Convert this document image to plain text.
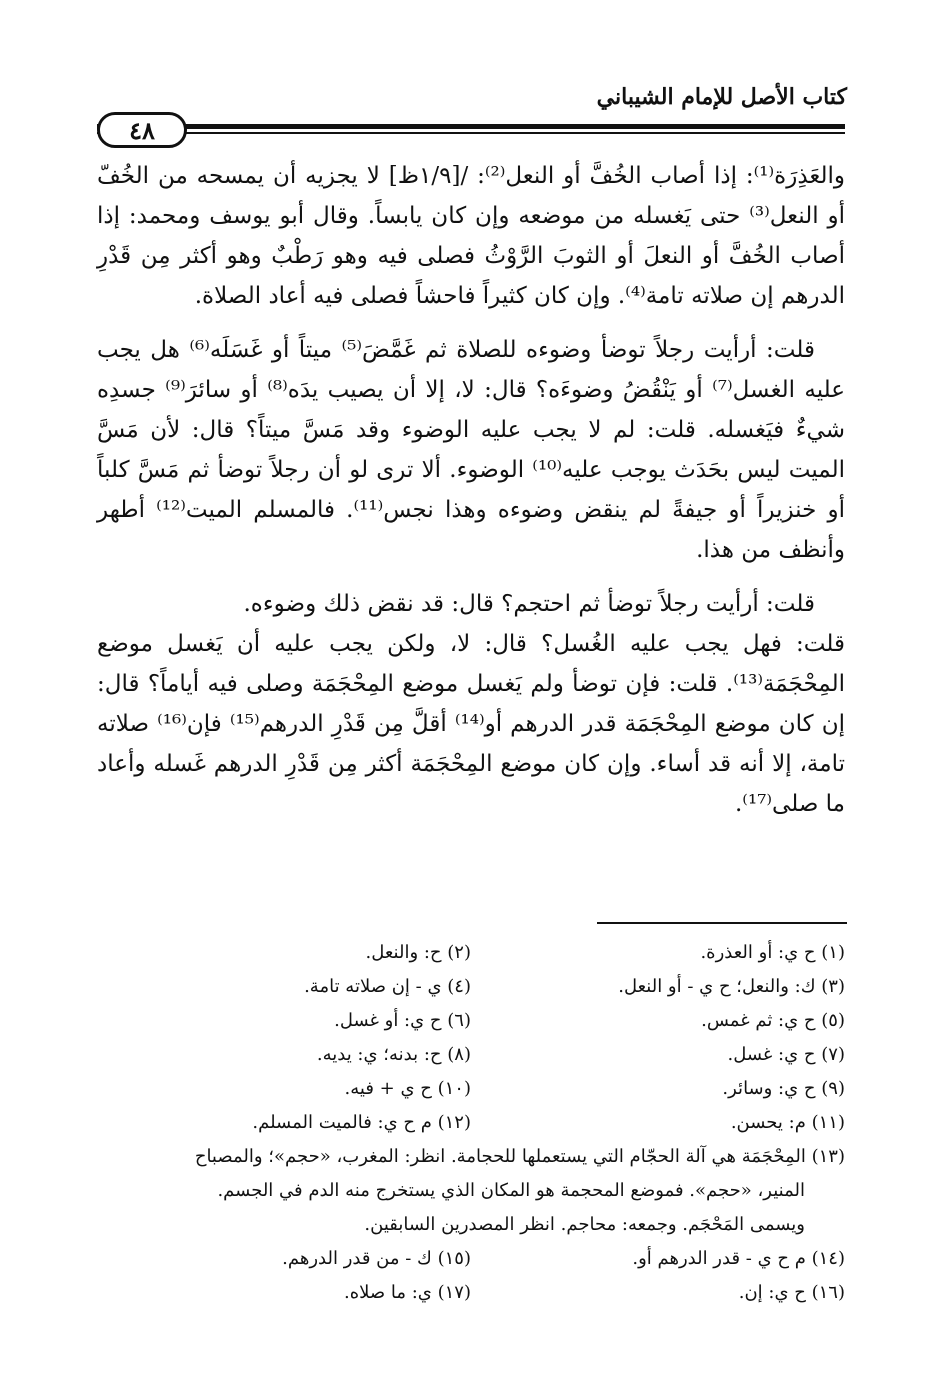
كتاب الأصل للإمام الشيباني
٤٨

والعَذِرَة⁽¹⁾: إذا أصاب الخُفَّ أو النعل⁽²⁾: /[١/٩ظ] لا يجزيه أن يمسحه من الخُفّ أو النعل⁽³⁾ حتى يَغسله من موضعه وإن كان يابساً. وقال أبو يوسف ومحمد: إذا أصاب الخُفَّ أو النعلَ أو الثوبَ الرَّوْثُ فصلى فيه وهو رَطْبٌ وهو أكثر مِن قَدْرِ الدرهم إن صلاته تامة⁽⁴⁾. وإن كان كثيراً فاحشاً فصلى فيه أعاد الصلاة.

قلت: أرأيت رجلاً توضأ وضوءه للصلاة ثم غَمَّضَ⁽⁵⁾ ميتاً أو غَسَلَه⁽⁶⁾ هل يجب عليه الغسل⁽⁷⁾ أو يَنْقُضُ وضوءَه؟ قال: لا، إلا أن يصيب يدَه⁽⁸⁾ أو سائرَ⁽⁹⁾ جسدِه شيءٌ فيَغسله. قلت: لم لا يجب عليه الوضوء وقد مَسَّ ميتاً؟ قال: لأن مَسَّ الميت ليس بحَدَث يوجب عليه⁽¹⁰⁾ الوضوء. ألا ترى لو أن رجلاً توضأ ثم مَسَّ كلباً أو خنزيراً أو جيفةً لم ينقض وضوءه وهذا نجس⁽¹¹⁾. فالمسلم الميت⁽¹²⁾ أطهر وأنظف من هذا.

قلت: أرأيت رجلاً توضأ ثم احتجم؟ قال: قد نقض ذلك وضوءه.

قلت: فهل يجب عليه الغُسل؟ قال: لا، ولكن يجب عليه أن يَغسل موضع المِحْجَمَة⁽¹³⁾. قلت: فإن توضأ ولم يَغسل موضع المِحْجَمَة وصلى فيه أياماً؟ قال: إن كان موضع المِحْجَمَة قدر الدرهم أو⁽¹⁴⁾ أقلَّ مِن قَدْرِ الدرهم⁽¹⁵⁾ فإن⁽¹⁶⁾ صلاته تامة، إلا أنه قد أساء. وإن كان موضع المِحْجَمَة أكثر مِن قَدْرِ الدرهم غَسله وأعاد ما صلى⁽¹⁷⁾.

(١) ح ي: أو العذرة.
(٢) ح: والنعل.
(٣) ك: والنعل؛ ح ي - أو النعل.
(٤) ي - إن صلاته تامة.
(٥) ح ي: ثم غمس.
(٦) ح ي: أو غسل.
(٧) ح ي: غسل.
(٨) ح: بدنه؛ ي: يديه.
(٩) ح ي: وسائر.
(١٠) ح ي + فيه.
(١١) م: يحسن.
(١٢) م ح ي: فالميت المسلم.
(١٣) المِحْجَمَة هي آلة الحجّام التي يستعملها للحجامة. انظر: المغرب، «حجم»؛ والمصباح
المنير، «حجم». فموضع المحجمة هو المكان الذي يستخرج منه الدم في الجسم.
ويسمى المَحْجَم. وجمعه: محاجم. انظر المصدرين السابقين.
(١٤) م ح ي - قدر الدرهم أو.
(١٥) ك - من قدر الدرهم.
(١٦) ح ي: إن.
(١٧) ي: ما صلاه.
